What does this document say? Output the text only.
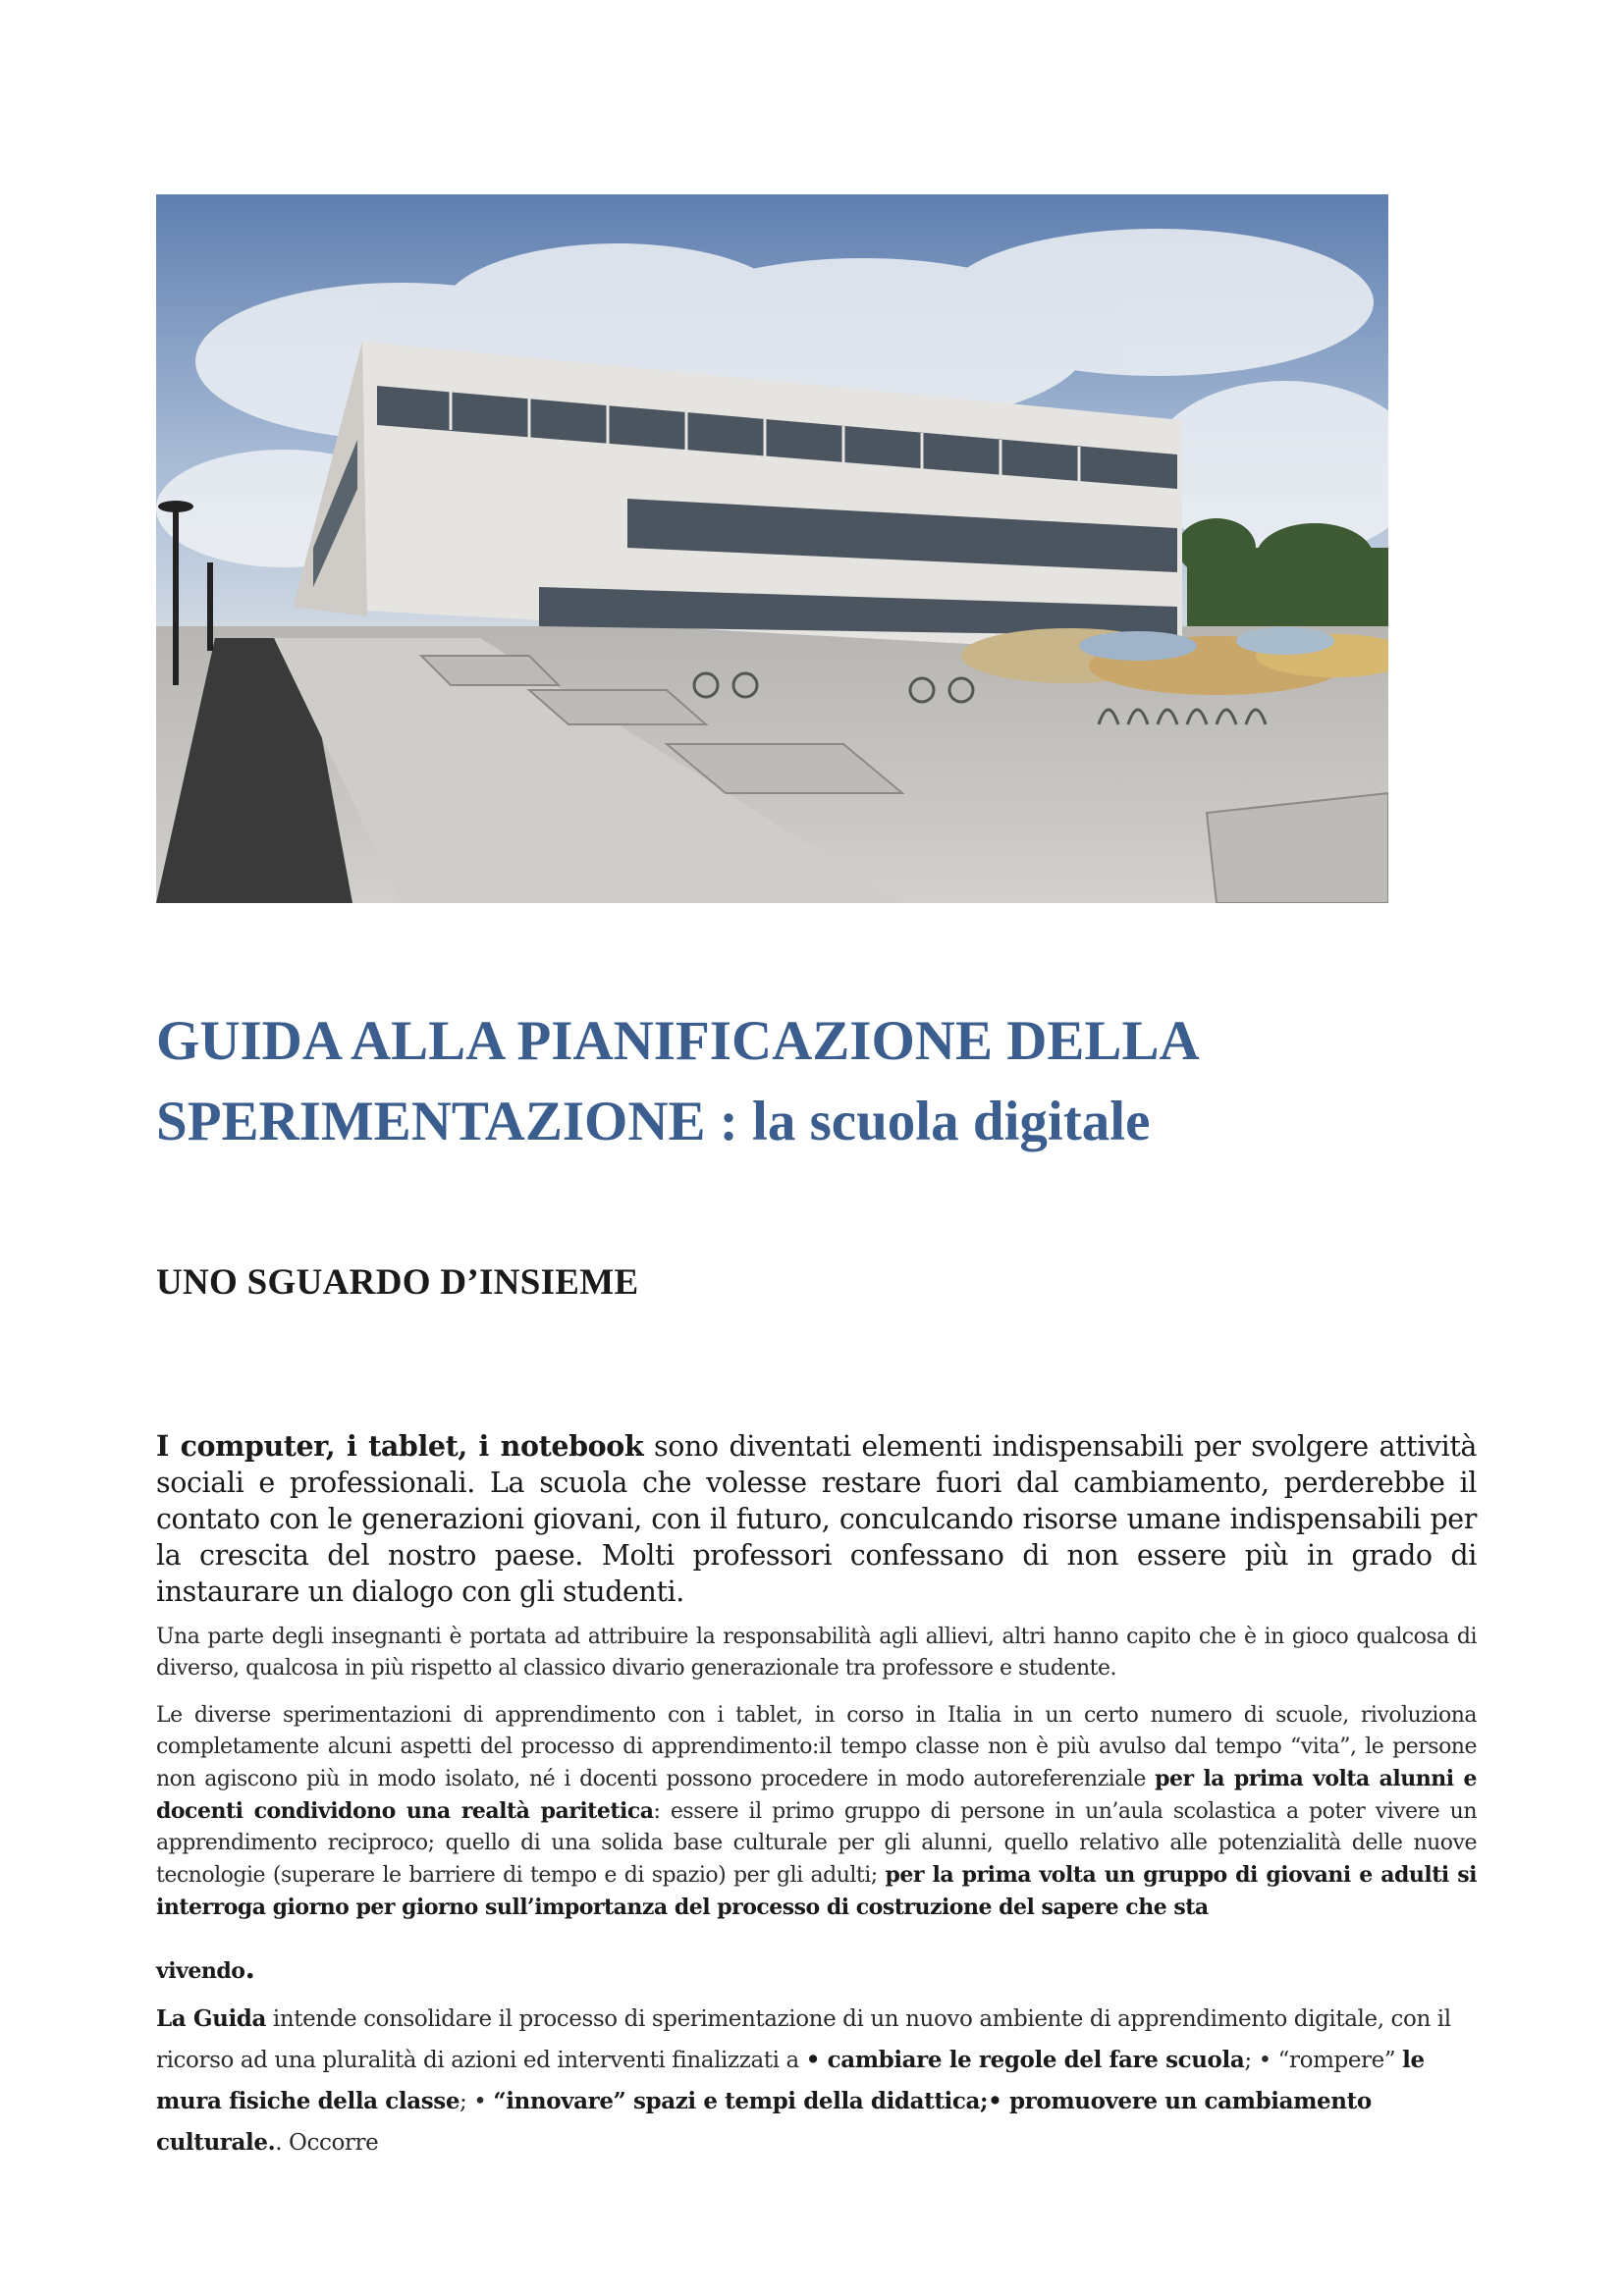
GUIDA ALLA PIANIFICAZIONE DELLA SPERIMENTAZIONE : la scuola digitale
UNO SGUARDO D’INSIEME

I computer, i tablet, i notebook sono diventati elementi indispensabili per svolgere attività sociali e professionali. La scuola che volesse restare fuori dal cambiamento, perderebbe il contato con le generazioni giovani, con il futuro, conculcando risorse umane indispensabili per la crescita del nostro paese. Molti professori confessano di non essere più in grado di instaurare un dialogo con gli studenti.

Una parte degli insegnanti è portata ad attribuire la responsabilità agli allievi, altri hanno capito che è in gioco qualcosa di diverso, qualcosa in più rispetto al classico divario generazionale tra professore e studente.

Le diverse sperimentazioni di apprendimento con i tablet, in corso in Italia in un certo numero di scuole, rivoluziona completamente alcuni aspetti del processo di apprendimento:il tempo classe non è più avulso dal tempo “vita”, le persone non agiscono più in modo isolato, né i docenti possono procedere in modo autoreferenziale per la prima volta alunni e docenti condividono una realtà paritetica: essere il primo gruppo di persone in un’aula scolastica a poter vivere un apprendimento reciproco; quello di una solida base culturale per gli alunni, quello relativo alle potenzialità delle nuove tecnologie (superare le barriere di tempo e di spazio) per gli adulti; per la prima volta un gruppo di giovani e adulti si interroga giorno per giorno sull’importanza del processo di costruzione del sapere che sta

vivendo.

La Guida intende consolidare il processo di sperimentazione di un nuovo ambiente di apprendimento digitale, con il ricorso ad una pluralità di azioni ed interventi finalizzati a • cambiare le regole del fare scuola; • “rompere” le mura fisiche della classe; • “innovare” spazi e tempi della didattica;• promuovere un cambiamento culturale.. Occorre
